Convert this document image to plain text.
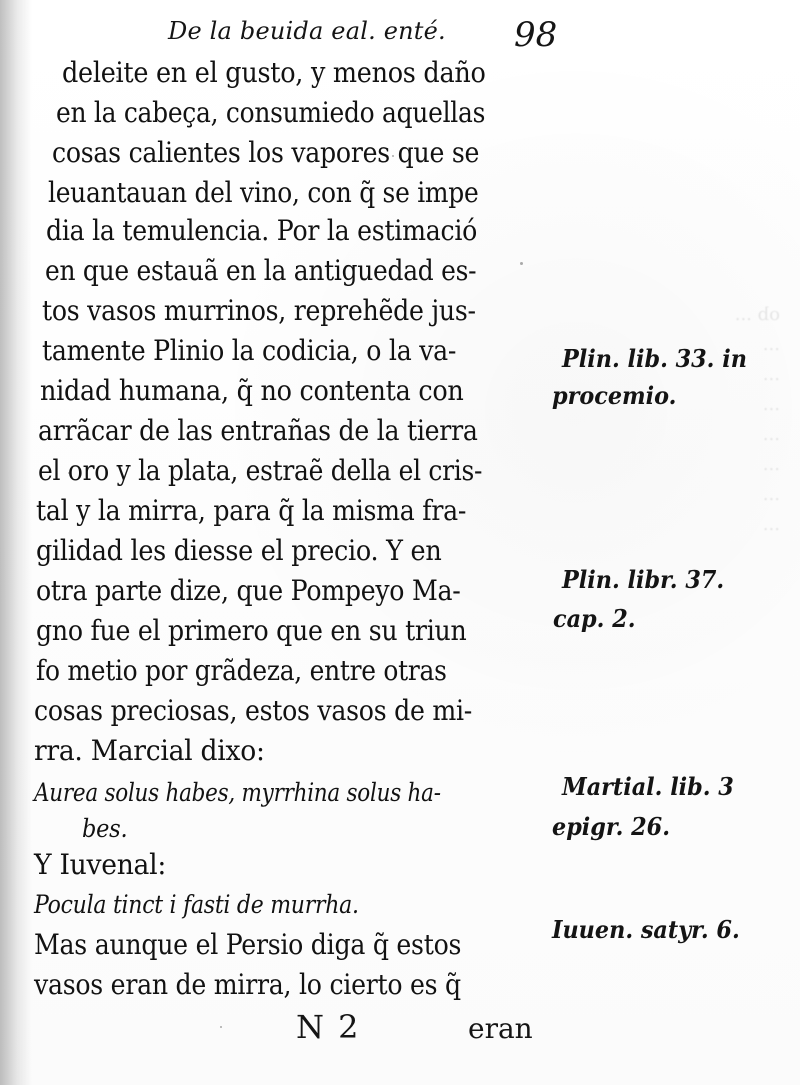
ob ...
...
...
...
...
...
...
...
De la beuida eal. enté. 98
deleite en el gusto, y menos daño
en la cabeça, consumiedo aquellas
cosas calientes los vapores que se
leuantauan del vino, con q̃ se impe
dia la temulencia. Por la estimació
en que estauã en la antiguedad es-
tos vasos murrinos, reprehẽde jus-
tamente Plinio la codicia, o la va-
nidad humana, q̃ no contenta con
arrãcar de las entrañas de la tierra
el oro y la plata, estraẽ della el cris-
tal y la mirra, para q̃ la misma fra-
gilidad les diesse el precio. Y en
otra parte dize, que Pompeyo Ma-
gno fue el primero que en su triun
fo metio por grãdeza, entre otras
cosas preciosas, estos vasos de mi-
rra. Marcial dixo:
Aurea solus habes, myrrhina solus ha-
bes.
Y Iuvenal:
Pocula tinct i fasti de murrha.
Mas aunque el Persio diga q̃ estos
vasos eran de mirra, lo cierto es q̃
Plin. lib. 33. in
procemio.
Plin. libr. 37.
cap. 2.
Martial. lib. 3
epigr. 26.
Iuuen. satyr. 6.
N 2	eran
